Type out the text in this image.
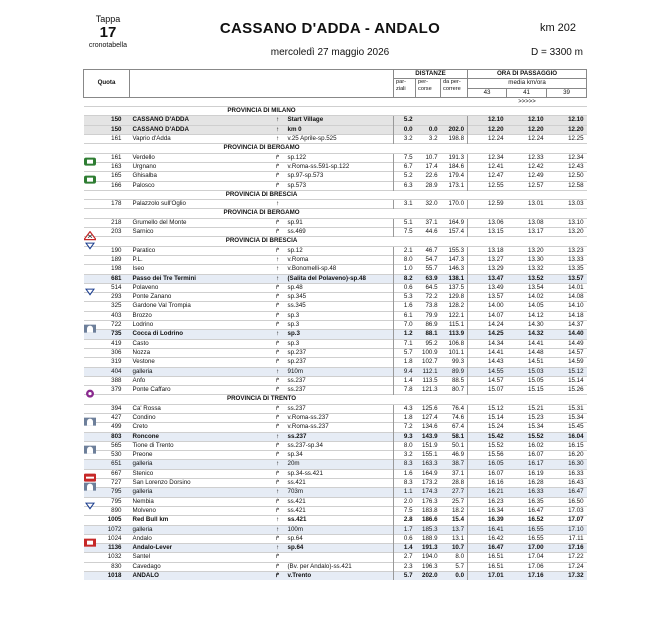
Tappa
17
cronotabella
CASSANO D'ADDA - ANDALO	km 202
mercoledì 27 maggio 2026	D = 3300 m
Quota				DISTANZE			ORA DI PASSAGGIO		
				par-ziali	per-corse	da per-correre	media km/ora		
							43	41	39
							>>>>>		
	PROVINCIA DI MILANO								
150	CASSANO D'ADDA	↑	Start Village	5.2			12.10	12.10	12.10
150	CASSANO D'ADDA	↑	km 0	0.0	0.0	202.0	12.20	12.20	12.20
161	Vaprio d'Adda	↑	v.25 Aprile-sp.525	3.2	3.2	198.8	12.24	12.24	12.25
	PROVINCIA DI BERGAMO								
161	Verdello	↱	sp.122	7.5	10.7	191.3	12.34	12.33	12.34
163	Urgnano	↱	v.Roma-ss.591-sp.122	6.7	17.4	184.6	12.41	12.42	12.43
165	Ghisalba	↱	sp.97-sp.573	5.2	22.6	179.4	12.47	12.49	12.50
166	Palosco	↱	sp.573	6.3	28.9	173.1	12.55	12.57	12.58
	PROVINCIA DI BRESCIA								
178	Palazzolo sull'Oglio	↑		3.1	32.0	170.0	12.59	13.01	13.03
	PROVINCIA DI BERGAMO								
218	Grumello del Monte	↱	sp.91	5.1	37.1	164.9	13.06	13.08	13.10
203	Sarnico	↱	ss.469	7.5	44.6	157.4	13.15	13.17	13.20
	PROVINCIA DI BRESCIA								
190	Paratico	↱	sp.12	2.1	46.7	155.3	13.18	13.20	13.23
189	P.L.	↑	v.Roma	8.0	54.7	147.3	13.27	13.30	13.33
198	Iseo	↑	v.Bonomelli-sp.48	1.0	55.7	146.3	13.29	13.32	13.35
681	Passo dei Tre Termini	↑	(Salita del Polaveno)-sp.48	8.2	63.9	138.1	13.47	13.52	13.57
514	Polaveno	↱	sp.48	0.6	64.5	137.5	13.49	13.54	14.01
293	Ponte Zanano	↱	sp.345	5.3	72.2	129.8	13.57	14.02	14.08
325	Gardone Val Trompia	↱	ss.345	1.6	73.8	128.2	14.00	14.05	14.10
403	Brozzo	↱	sp.3	6.1	79.9	122.1	14.07	14.12	14.18
722	Lodrino	↱	sp.3	7.0	86.9	115.1	14.24	14.30	14.37
735	Cocca di Lodrino	↑	sp.3	1.2	88.1	113.9	14.25	14.32	14.40
419	Casto	↱	sp.3	7.1	95.2	106.8	14.34	14.41	14.49
306	Nozza	↱	sp.237	5.7	100.9	101.1	14.41	14.48	14.57
319	Vestone	↱	sp.237	1.8	102.7	99.3	14.43	14.51	14.59
404	galleria	↑	910m	9.4	112.1	89.9	14.55	15.03	15.12
388	Anfo	↱	ss.237	1.4	113.5	88.5	14.57	15.05	15.14
379	Ponte Caffaro	↱	ss.237	7.8	121.3	80.7	15.07	15.15	15.26
	PROVINCIA DI TRENTO								
394	Ca' Rossa	↱	ss.237	4.3	125.6	76.4	15.12	15.21	15.31
427	Condino	↱	v.Roma-ss.237	1.8	127.4	74.6	15.14	15.23	15.34
499	Creto	↱	v.Roma-ss.237	7.2	134.6	67.4	15.24	15.34	15.45
803	Roncone	↑	ss.237	9.3	143.9	58.1	15.42	15.52	16.04
565	Tione di Trento	↱	ss.237-sp.34	8.0	151.9	50.1	15.52	16.02	16.15
530	Preone	↱	sp.34	3.2	155.1	46.9	15.56	16.07	16.20
651	galleria	↑	20m	8.3	163.3	38.7	16.05	16.17	16.30
667	Stenico	↱	sp.34-ss.421	1.6	164.9	37.1	16.07	16.19	16.33
727	San Lorenzo Dorsino	↱	ss.421	8.3	173.2	28.8	16.16	16.28	16.43
795	galleria	↑	703m	1.1	174.3	27.7	16.21	16.33	16.47
795	Nembia	↱	ss.421	2.0	176.3	25.7	16.23	16.35	16.50
890	Molveno	↱	ss.421	7.5	183.8	18.2	16.34	16.47	17.03
1005	Red Bull km	↑	ss.421	2.8	186.6	15.4	16.39	16.52	17.07
1072	galleria	↑	100m	1.7	185.3	13.7	16.41	16.55	17.10
1024	Andalo	↱	sp.64	0.6	188.9	13.1	16.42	16.55	17.11
1136	Andalo-Lever	↑	sp.64	1.4	191.3	10.7	16.47	17.00	17.16
1032	Santel	↱		2.7	194.0	8.0	16.51	17.04	17.22
830	Cavedago	↱	(Bv. per Andalo)-ss.421	2.3	196.3	5.7	16.51	17.06	17.24
1018	ANDALO	↱	v.Trento	5.7	202.0	0.0	17.01	17.16	17.32
